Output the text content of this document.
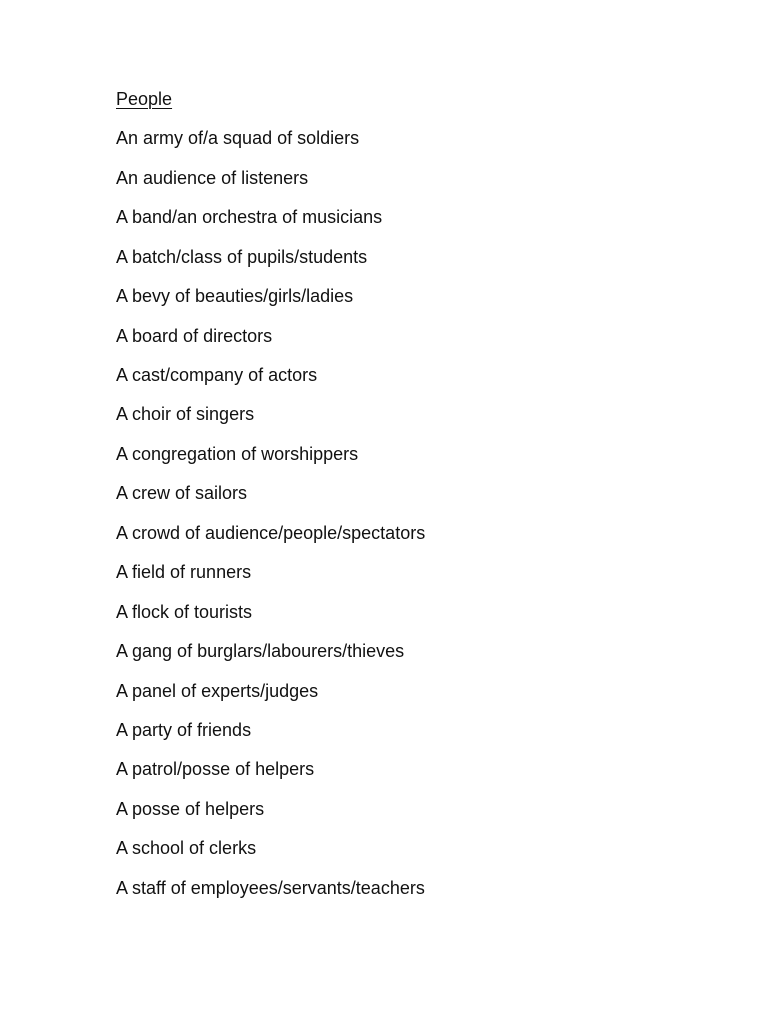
People
An army of/a squad of soldiers
An audience of listeners
A band/an orchestra of musicians
A batch/class of pupils/students
A bevy of beauties/girls/ladies
A board of directors
A cast/company of actors
A choir of singers
A congregation of worshippers
A crew of sailors
A crowd of audience/people/spectators
A field of runners
A flock of tourists
A gang of burglars/labourers/thieves
A panel of experts/judges
A party of friends
A patrol/posse of helpers
A posse of helpers
A school of clerks
A staff of employees/servants/teachers
